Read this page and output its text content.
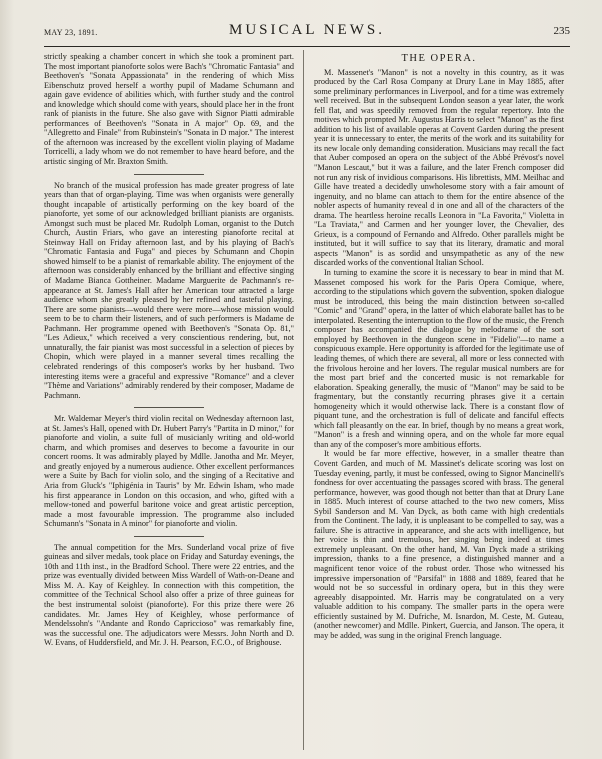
MAY 23, 1891.	MUSICAL NEWS.	235

strictly speaking a chamber concert in which she took a prominent part. The most important pianoforte solos were Bach's "Chromatic Fantasia" and Beethoven's "Sonata Appassionata" in the rendering of which Miss Eibenschutz proved herself a worthy pupil of Madame Schumann and again gave evidence of abilities which, with further study and the control and knowledge which should come with years, should place her in the front rank of pianists in the future. She also gave with Signor Piatti admirable performances of Beethoven's "Sonata in A major" Op. 69, and the "Allegretto and Finale" from Rubinstein's "Sonata in D major." The interest of the afternoon was increased by the excellent violin playing of Madame Torricelli, a lady whom we do not remember to have heard before, and the artistic singing of Mr. Braxton Smith.

No branch of the musical profession has made greater progress of late years than that of organ-playing. Time was when organists were generally thought incapable of artistically performing on the key board of the pianoforte, yet some of our acknowledged brilliant pianists are organists. Amongst such must be placed Mr. Rudolph Loman, organist to the Dutch Church, Austin Friars, who gave an interesting pianoforte recital at Steinway Hall on Friday afternoon last, and by his playing of Bach's "Chromatic Fantasia and Fuga" and pieces by Schumann and Chopin showed himself to be a pianist of remarkable ability. The enjoyment of the afternoon was considerably enhanced by the brilliant and effective singing of Madame Bianca Gottheiner. Madame Marguerite de Pachmann's re-appearance at St. James's Hall after her American tour attracted a large audience whom she greatly pleased by her refined and tasteful playing. There are some pianists—would there were more—whose mission would seem to be to charm their listeners, and of such performers is Madame de Pachmann. Her programme opened with Beethoven's "Sonata Op. 81," "Les Adieux," which received a very conscientious rendering, but, not unnaturally, the fair pianist was most successful in a selection of pieces by Chopin, which were played in a manner several times recalling the celebrated renderings of this composer's works by her husband. Two interesting items were a graceful and expressive "Romance" and a clever "Thème and Variations" admirably rendered by their composer, Madame de Pachmann.

Mr. Waldemar Meyer's third violin recital on Wednesday afternoon last, at St. James's Hall, opened with Dr. Hubert Parry's "Partita in D minor," for pianoforte and violin, a suite full of musicianly writing and old-world charm, and which promises and deserves to become a favourite in our concert rooms. It was admirably played by Mdlle. Janotha and Mr. Meyer, and greatly enjoyed by a numerous audience. Other excellent performances were a Suite by Bach for violin solo, and the singing of a Recitative and Aria from Gluck's "Iphigénia in Tauris" by Mr. Edwin Isham, who made his first appearance in London on this occasion, and who, gifted with a mellow-toned and powerful baritone voice and great artistic perception, made a most favourable impression. The programme also included Schumann's "Sonata in A minor" for pianoforte and violin.

The annual competition for the Mrs. Sunderland vocal prize of five guineas and silver medals, took place on Friday and Saturday evenings, the 10th and 11th inst., in the Bradford School. There were 22 entries, and the prize was eventually divided between Miss Wardell of Wath-on-Deane and Miss M. A. Kay of Keighley. In connection with this competition, the committee of the Technical School also offer a prize of three guineas for the best instrumental soloist (pianoforte). For this prize there were 26 candidates. Mr. James Hey of Keighley, whose performance of Mendelssohn's "Andante and Rondo Capriccioso" was remarkably fine, was the successful one. The adjudicators were Messrs. John North and D. W. Evans, of Huddersfield, and Mr. J. H. Pearson, F.C.O., of Brighouse.

THE OPERA.

M. Massenet's "Manon" is not a novelty in this country, as it was produced by the Carl Rosa Company at Drury Lane in May 1885, after some preliminary performances in Liverpool, and for a time was extremely well received. But in the subsequent London season a year later, the work fell flat, and was speedily removed from the regular repertory. Into the motives which prompted Mr. Augustus Harris to select "Manon" as the first addition to his list of available operas at Covent Garden during the present year it is unnecessary to enter, the merits of the work and its suitability for its new locale only demanding consideration. Musicians may recall the fact that Auber composed an opera on the subject of the Abbé Prévost's novel "Manon Lescaut," but it was a failure, and the later French composer did not run any risk of invidious comparisons. His librettists, MM. Meilhac and Gille have treated a decidedly unwholesome story with a fair amount of ingenuity, and no blame can attach to them for the entire absence of the nobler aspects of humanity reveal d in one and all of the characters of the drama. The heartless heroine recalls Leonora in "La Favorita," Violetta in "La Traviata," and Carmen and her younger lover, the Chevalier, des Grieux, is a compound of Fernando and Alfredo. Other parallels might be instituted, but it will suffice to say that its literary, dramatic and moral aspects "Manon" is as sordid and unsympathetic as any of the new discarded works of the conventional Italian School.

In turning to examine the score it is necessary to bear in mind that M. Massenet composed his work for the Paris Opera Comique, where, according to the stipulations which govern the subvention, spoken dialogue must be introduced, this being the main distinction between so-called "Comic" and "Grand" opera, in the latter of which elaborate ballet has to be interpolated. Resenting the interruption to the flow of the music, the French composer has accompanied the dialogue by melodrame of the sort employed by Beethoven in the dungeon scene in "Fidelio"—to name a conspicuous example. Here opportunity is afforded for the legitimate use of leading themes, of which there are several, all more or less connected with the frivolous heroine and her lovers. The regular musical numbers are for the most part brief and the concerted music is not remarkable for elaboration. Speaking generally, the music of "Manon" may be said to be fragmentary, but the constantly recurring phrases give it a certain homogeneity which it would otherwise lack. There is a constant flow of piquant tune, and the orchestration is full of delicate and fanciful effects which fall pleasantly on the ear. In brief, though by no means a great work, "Manon" is a fresh and winning opera, and on the whole far more equal than any of the composer's more ambitious efforts.

It would be far more effective, however, in a smaller theatre than Covent Garden, and much of M. Massinet's delicate scoring was lost on Tuesday evening, partly, it must be confessed, owing to Signor Mancinelli's fondness for over accentuating the passages scored with brass. The general performance, however, was good though not better than that at Drury Lane in 1885. Much interest of course attached to the two new comers, Miss Sybil Sanderson and M. Van Dyck, as both came with high credentials from the Continent. The lady, it is unpleasant to be compelled to say, was a failure. She is attractive in appearance, and she acts with intelligence, but her voice is thin and tremulous, her singing being indeed at times extremely unpleasant. On the other hand, M. Van Dyck made a striking impression, thanks to a fine presence, a distinguished manner and a magnificent tenor voice of the robust order. Those who witnessed his impressive impersonation of "Parsifal" in 1888 and 1889, feared that he would not be so successful in ordinary opera, but in this they were agreeably disappointed. Mr. Harris may be congratulated on a very valuable addition to his company. The smaller parts in the opera were efficiently sustained by M. Dufriche, M. Isnardon, M. Ceste, M. Guteau, (another newcomer) and Mdlle. Pinkert, Guercia, and Janson. The opera, it may be added, was sung in the original French language.
